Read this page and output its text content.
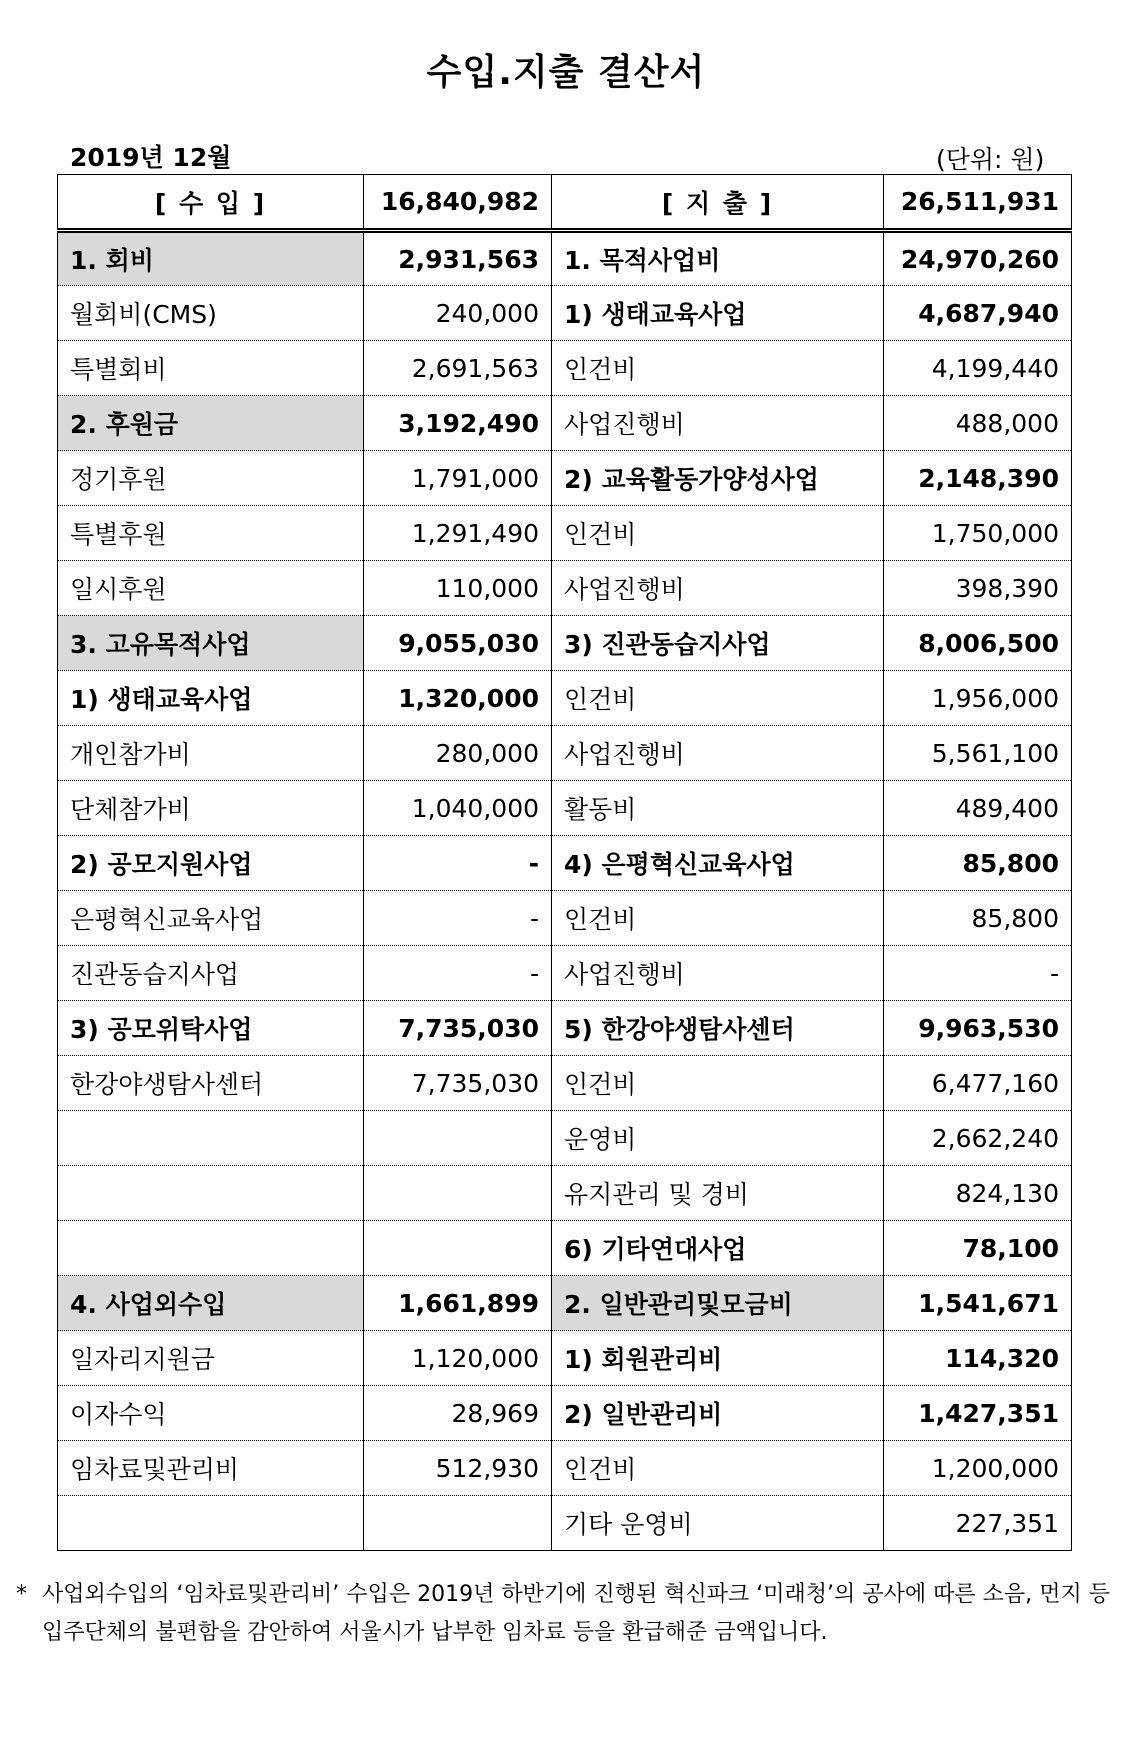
수입.지출 결산서
2019년 12월	(단위: 원)
[ 수 입 ]	16,840,982	[ 지 출 ]	26,511,931
1. 회비	2,931,563	1. 목적사업비	24,970,260
월회비(CMS)	240,000	1) 생태교육사업	4,687,940
특별회비	2,691,563	인건비	4,199,440
2. 후원금	3,192,490	사업진행비	488,000
정기후원	1,791,000	2) 교육활동가양성사업	2,148,390
특별후원	1,291,490	인건비	1,750,000
일시후원	110,000	사업진행비	398,390
3. 고유목적사업	9,055,030	3) 진관동습지사업	8,006,500
1) 생태교육사업	1,320,000	인건비	1,956,000
개인참가비	280,000	사업진행비	5,561,100
단체참가비	1,040,000	활동비	489,400
2) 공모지원사업	-	4) 은평혁신교육사업	85,800
은평혁신교육사업	-	인건비	85,800
진관동습지사업	-	사업진행비	-
3) 공모위탁사업	7,735,030	5) 한강야생탐사센터	9,963,530
한강야생탐사센터	7,735,030	인건비	6,477,160
		운영비	2,662,240
		유지관리 및 경비	824,130
		6) 기타연대사업	78,100
4. 사업외수입	1,661,899	2. 일반관리및모금비	1,541,671
일자리지원금	1,120,000	1) 회원관리비	114,320
이자수익	28,969	2) 일반관리비	1,427,351
임차료및관리비	512,930	인건비	1,200,000
		기타 운영비	227,351
* 사업외수입의 ‘임차료및관리비’ 수입은 2019년 하반기에 진행된 혁신파크 ‘미래청’의 공사에 따른 소음, 먼지 등 입주단체의 불편함을 감안하여 서울시가 납부한 임차료 등을 환급해준 금액입니다.
